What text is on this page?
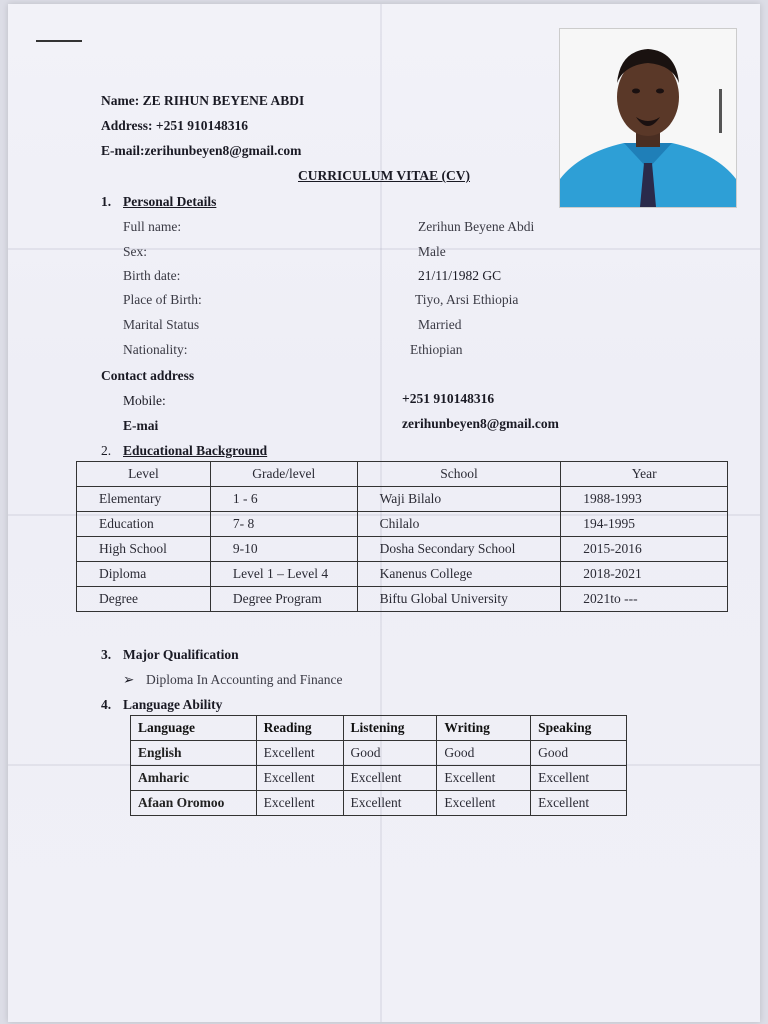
Name: ZE RIHUN BEYENE ABDI
Address: +251 910148316
E-mail:zerihunbeyen8@gmail.com
CURRICULUM VITAE (CV)
1. Personal Details
Full name:	Zerihun Beyene Abdi
Sex:	Male
Birth date:	21/11/1982 GC
Place of Birth:	Tiyo, Arsi Ethiopia
Marital Status	Married
Nationality:	Ethiopian
Contact address
Mobile:	+251 910148316
E-mai	zerihunbeyen8@gmail.com
2. Educational Background
Level	Grade/level	School	Year
Elementary	1 - 6	Waji Bilalo	1988-1993
Education	7- 8	Chilalo	194-1995
High School	9-10	Dosha Secondary School	2015-2016
Diploma	Level 1 – Level 4	Kanenus College	2018-2021
Degree	Degree Program	Biftu Global University	2021to ---
3. Major Qualification
➢ Diploma In Accounting and Finance
4. Language Ability
Language	Reading	Listening	Writing	Speaking
English	Excellent	Good	Good	Good
Amharic	Excellent	Excellent	Excellent	Excellent
Afaan Oromoo	Excellent	Excellent	Excellent	Excellent
